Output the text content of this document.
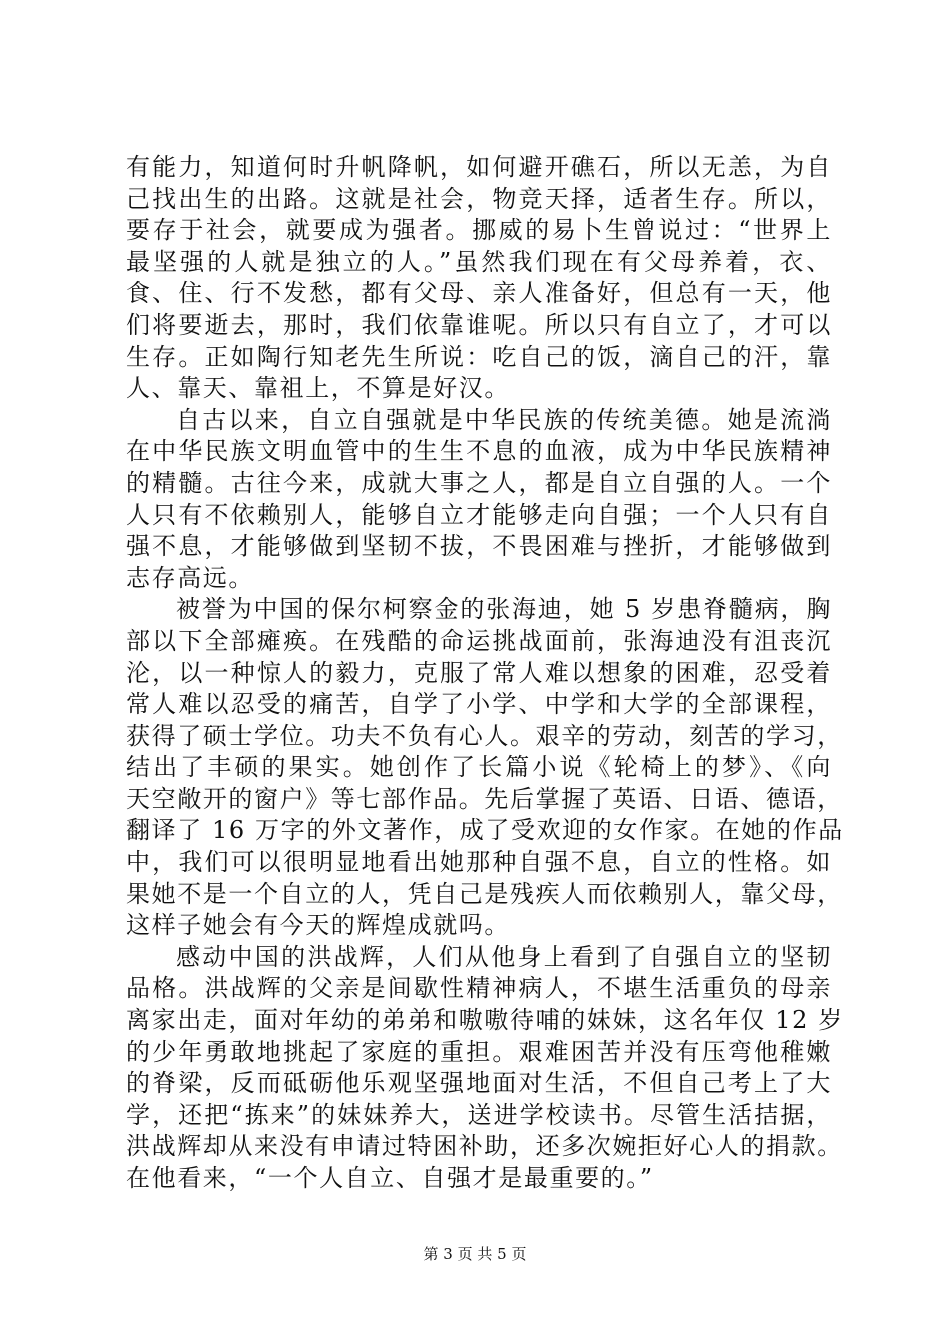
有能力，知道何时升帆降帆，如何避开礁石，所以无恙，为自
己找出生的出路。这就是社会，物竞天择，适者生存。所以，
要存于社会，就要成为强者。挪威的易卜生曾说过：“世界上
最坚强的人就是独立的人。”虽然我们现在有父母养着，衣、
食、住、行不发愁，都有父母、亲人准备好，但总有一天，他
们将要逝去，那时，我们依靠谁呢。所以只有自立了，才可以
生存。正如陶行知老先生所说：吃自己的饭，滴自己的汗，靠
人、靠天、靠祖上，不算是好汉。
自古以来，自立自强就是中华民族的传统美德。她是流淌
在中华民族文明血管中的生生不息的血液，成为中华民族精神
的精髓。古往今来，成就大事之人，都是自立自强的人。一个
人只有不依赖别人，能够自立才能够走向自强；一个人只有自
强不息，才能够做到坚韧不拔，不畏困难与挫折，才能够做到
志存高远。
被誉为中国的保尔柯察金的张海迪，她 5 岁患脊髓病，胸
部以下全部瘫痪。在残酷的命运挑战面前，张海迪没有沮丧沉
沦，以一种惊人的毅力，克服了常人难以想象的困难，忍受着
常人难以忍受的痛苦，自学了小学、中学和大学的全部课程，
获得了硕士学位。功夫不负有心人。艰辛的劳动，刻苦的学习，
结出了丰硕的果实。她创作了长篇小说《轮椅上的梦》、《向
天空敞开的窗户》等七部作品。先后掌握了英语、日语、德语，
翻译了 16 万字的外文著作，成了受欢迎的女作家。在她的作品
中，我们可以很明显地看出她那种自强不息，自立的性格。如
果她不是一个自立的人，凭自己是残疾人而依赖别人，靠父母，
这样子她会有今天的辉煌成就吗。
感动中国的洪战辉，人们从他身上看到了自强自立的坚韧
品格。洪战辉的父亲是间歇性精神病人，不堪生活重负的母亲
离家出走，面对年幼的弟弟和嗷嗷待哺的妹妹，这名年仅 12 岁
的少年勇敢地挑起了家庭的重担。艰难困苦并没有压弯他稚嫩
的脊梁，反而砥砺他乐观坚强地面对生活，不但自己考上了大
学，还把“拣来”的妹妹养大，送进学校读书。尽管生活拮据，
洪战辉却从来没有申请过特困补助，还多次婉拒好心人的捐款。
在他看来，“一个人自立、自强才是最重要的。”
第 3 页 共 5 页
